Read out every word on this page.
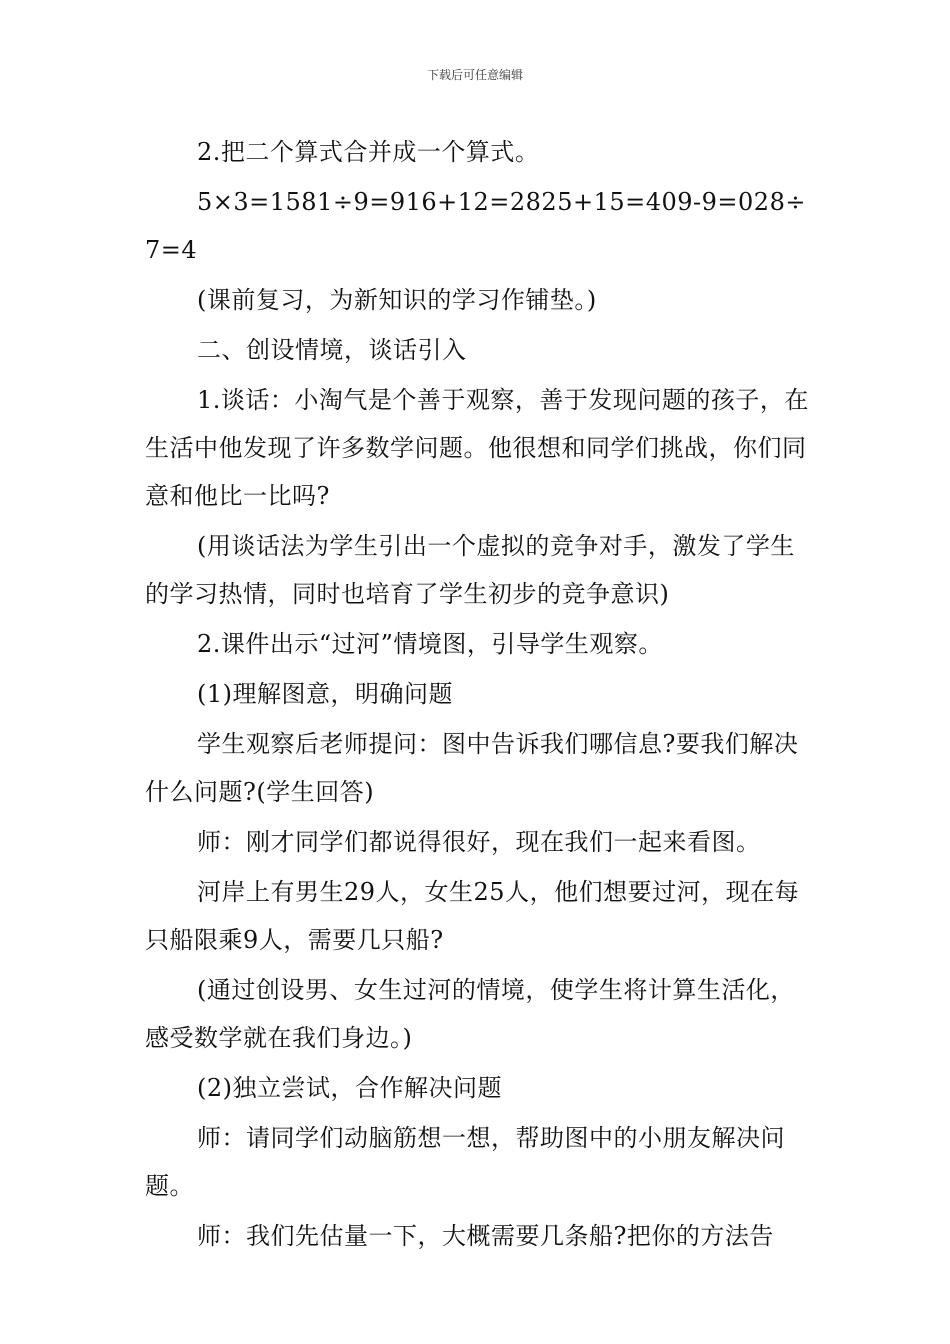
下载后可任意编辑

2.把二个算式合并成一个算式。

5×3=1581÷9=916+12=2825+15=409-9=028÷7=4

(课前复习，为新知识的学习作铺垫。)

二、创设情境，谈话引入

1.谈话：小淘气是个善于观察，善于发现问题的孩子，在生活中他发现了许多数学问题。他很想和同学们挑战，你们同意和他比一比吗?

(用谈话法为学生引出一个虚拟的竞争对手，激发了学生的学习热情，同时也培育了学生初步的竞争意识)

2.课件出示“过河”情境图，引导学生观察。

(1)理解图意，明确问题

学生观察后老师提问：图中告诉我们哪信息?要我们解决什么问题?(学生回答)

师：刚才同学们都说得很好，现在我们一起来看图。

河岸上有男生29人，女生25人，他们想要过河，现在每只船限乘9人，需要几只船?

(通过创设男、女生过河的情境，使学生将计算生活化，感受数学就在我们身边。)

(2)独立尝试，合作解决问题

师：请同学们动脑筋想一想，帮助图中的小朋友解决问题。

师：我们先估量一下，大概需要几条船?把你的方法告
